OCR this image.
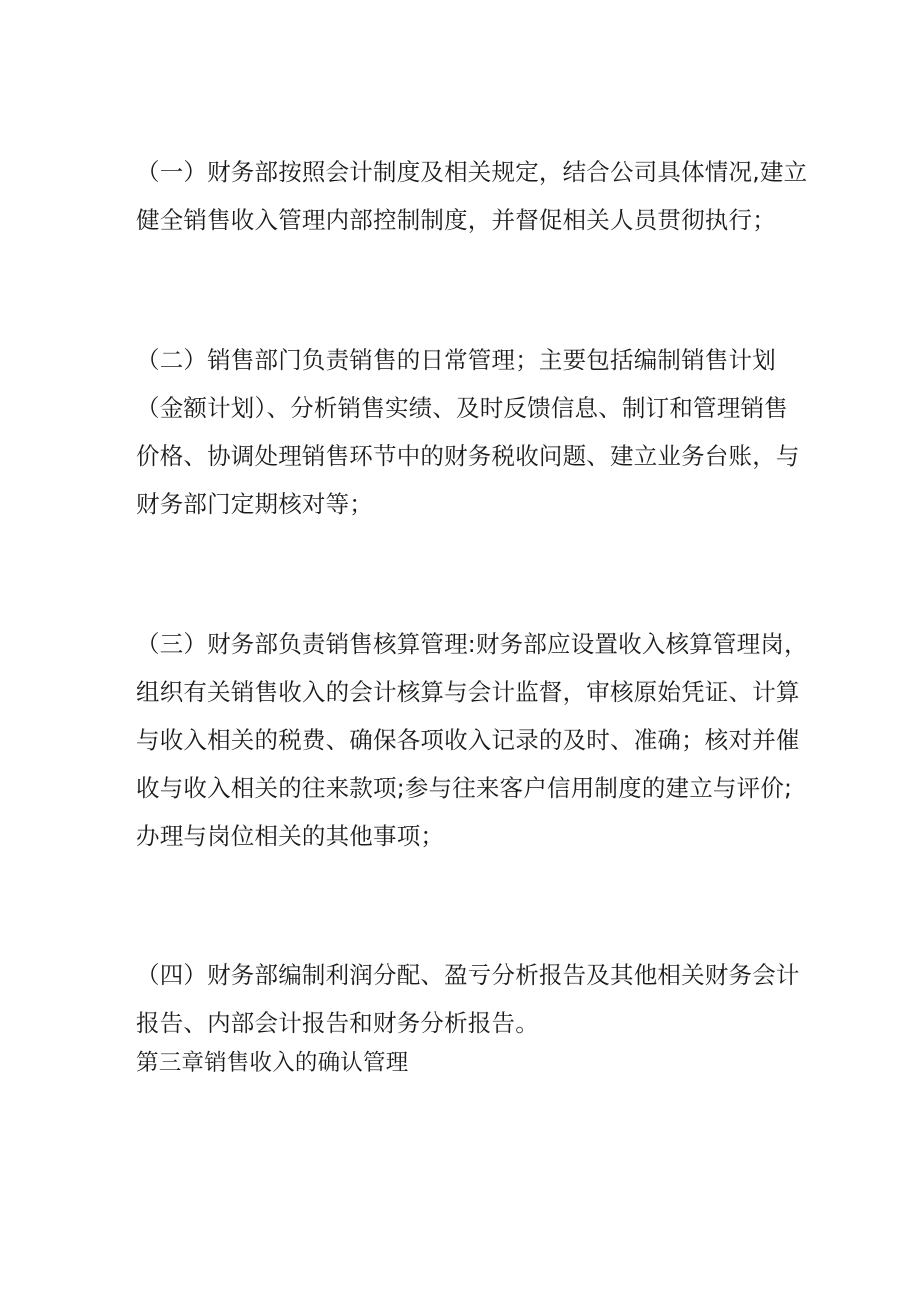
（一）财务部按照会计制度及相关规定，结合公司具体情况,建立
健全销售收入管理内部控制制度，并督促相关人员贯彻执行；
（二）销售部门负责销售的日常管理；主要包括编制销售计划
（金额计划）、分析销售实绩、及时反馈信息、制订和管理销售
价格、协调处理销售环节中的财务税收问题、建立业务台账，与
财务部门定期核对等；
（三）财务部负责销售核算管理:财务部应设置收入核算管理岗，
组织有关销售收入的会计核算与会计监督，审核原始凭证、计算
与收入相关的税费、确保各项收入记录的及时、准确；核对并催
收与收入相关的往来款项;参与往来客户信用制度的建立与评价;
办理与岗位相关的其他事项；
（四）财务部编制利润分配、盈亏分析报告及其他相关财务会计
报告、内部会计报告和财务分析报告。
第三章销售收入的确认管理
